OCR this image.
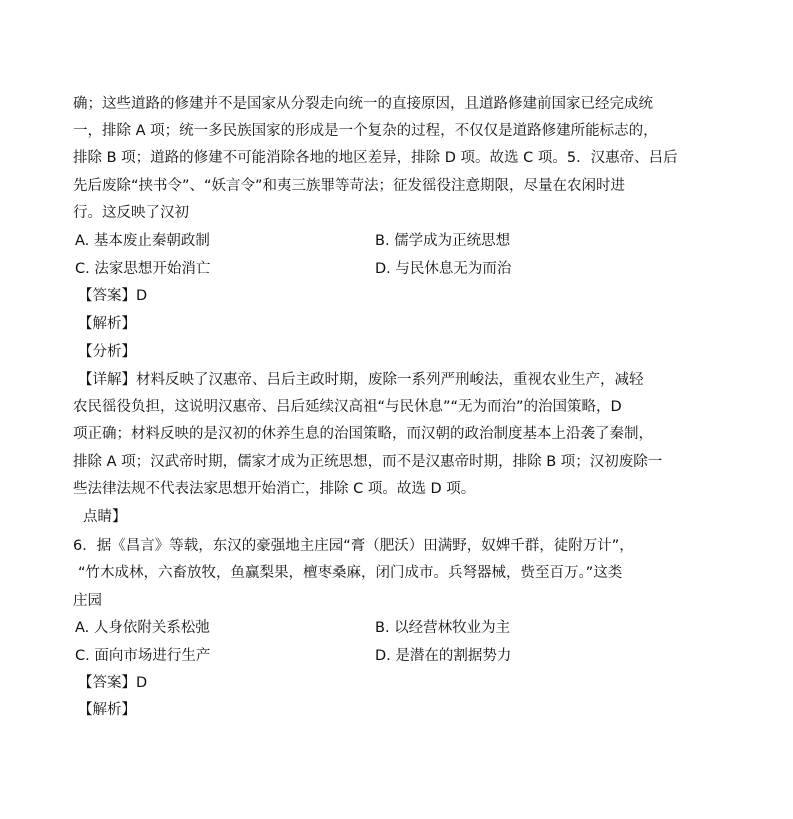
确；这些道路的修建并不是国家从分裂走向统一的直接原因，且道路修建前国家已经完成统
一，排除 A 项；统一多民族国家的形成是一个复杂的过程，不仅仅是道路修建所能标志的，
排除 B 项；道路的修建不可能消除各地的地区差异，排除 D 项。故选 C 项。5．汉惠帝、吕后
先后废除“挟书令”、“妖言令”和夷三族罪等苛法；征发徭役注意期限，尽量在农闲时进
行。这反映了汉初
A. 基本废止秦朝政制	B. 儒学成为正统思想
C. 法家思想开始消亡	D. 与民休息无为而治
【答案】D
【解析】
【分析】
【详解】材料反映了汉惠帝、吕后主政时期，废除一系列严刑峻法，重视农业生产，减轻
农民徭役负担，这说明汉惠帝、吕后延续汉高祖“与民休息”“无为而治”的治国策略，D
项正确；材料反映的是汉初的休养生息的治国策略，而汉朝的政治制度基本上沿袭了秦制，
排除 A 项；汉武帝时期，儒家才成为正统思想，而不是汉惠帝时期，排除 B 项；汉初废除一
些法律法规不代表法家思想开始消亡，排除 C 项。故选 D 项。
点睛】
6．据《昌言》等载，东汉的豪强地主庄园“膏（肥沃）田满野，奴婢千群，徒附万计”，
“竹木成林，六畜放牧，鱼赢梨果，檀枣桑麻，闭门成市。兵弩器械，赀至百万。”这类
庄园
A. 人身依附关系松弛	B. 以经营林牧业为主
C. 面向市场进行生产	D. 是潜在的割据势力
【答案】D
【解析】
